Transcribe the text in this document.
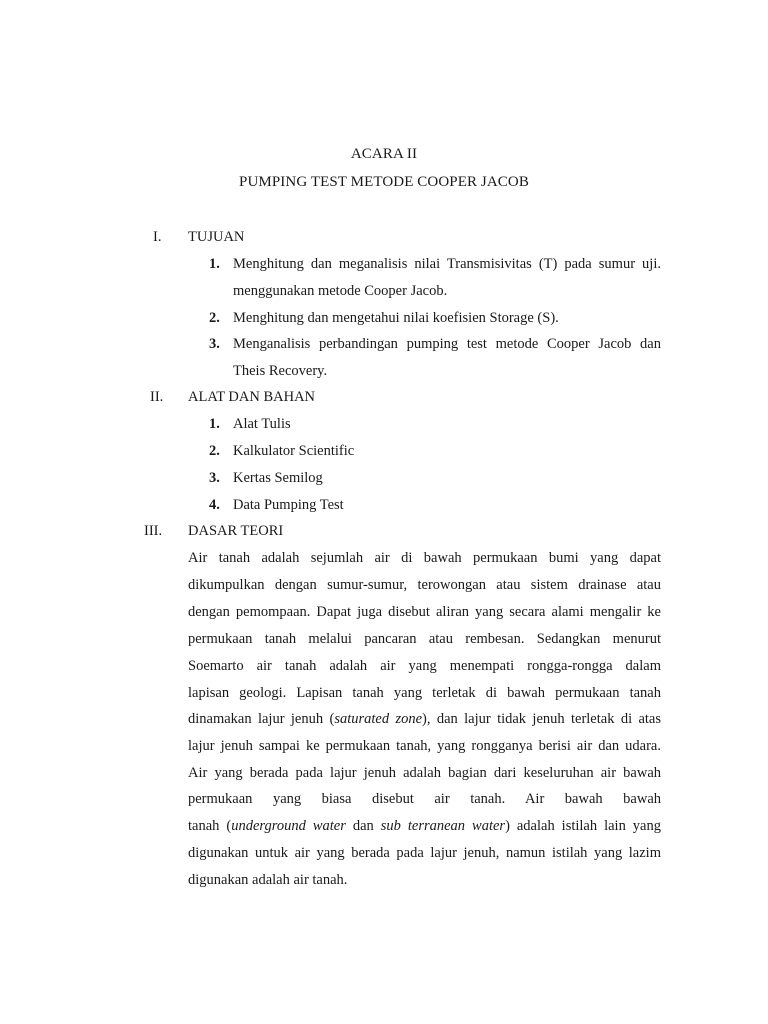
ACARA II
PUMPING TEST METODE COOPER JACOB
I. TUJUAN
1. Menghitung dan meganalisis nilai Transmisivitas (T) pada sumur uji.
menggunakan metode Cooper Jacob.
2. Menghitung dan mengetahui nilai koefisien Storage (S).
3. Menganalisis perbandingan pumping test metode Cooper Jacob dan
Theis Recovery.
II. ALAT DAN BAHAN
1. Alat Tulis
2. Kalkulator Scientific
3. Kertas Semilog
4. Data Pumping Test
III. DASAR TEORI
Air tanah adalah sejumlah air di bawah permukaan bumi yang dapat
dikumpulkan dengan sumur-sumur, terowongan atau sistem drainase atau
dengan pemompaan. Dapat juga disebut aliran yang secara alami mengalir ke
permukaan tanah melalui pancaran atau rembesan. Sedangkan menurut
Soemarto air tanah adalah air yang menempati rongga-rongga dalam
lapisan geologi. Lapisan tanah yang terletak di bawah permukaan tanah
dinamakan lajur jenuh (saturated zone), dan lajur tidak jenuh terletak di atas
lajur jenuh sampai ke permukaan tanah, yang rongganya berisi air dan udara.
Air yang berada pada lajur jenuh adalah bagian dari keseluruhan air bawah
permukaan yang biasa disebut air tanah. Air bawah bawah
tanah (underground water dan sub terranean water) adalah istilah lain yang
digunakan untuk air yang berada pada lajur jenuh, namun istilah yang lazim
digunakan adalah air tanah.
